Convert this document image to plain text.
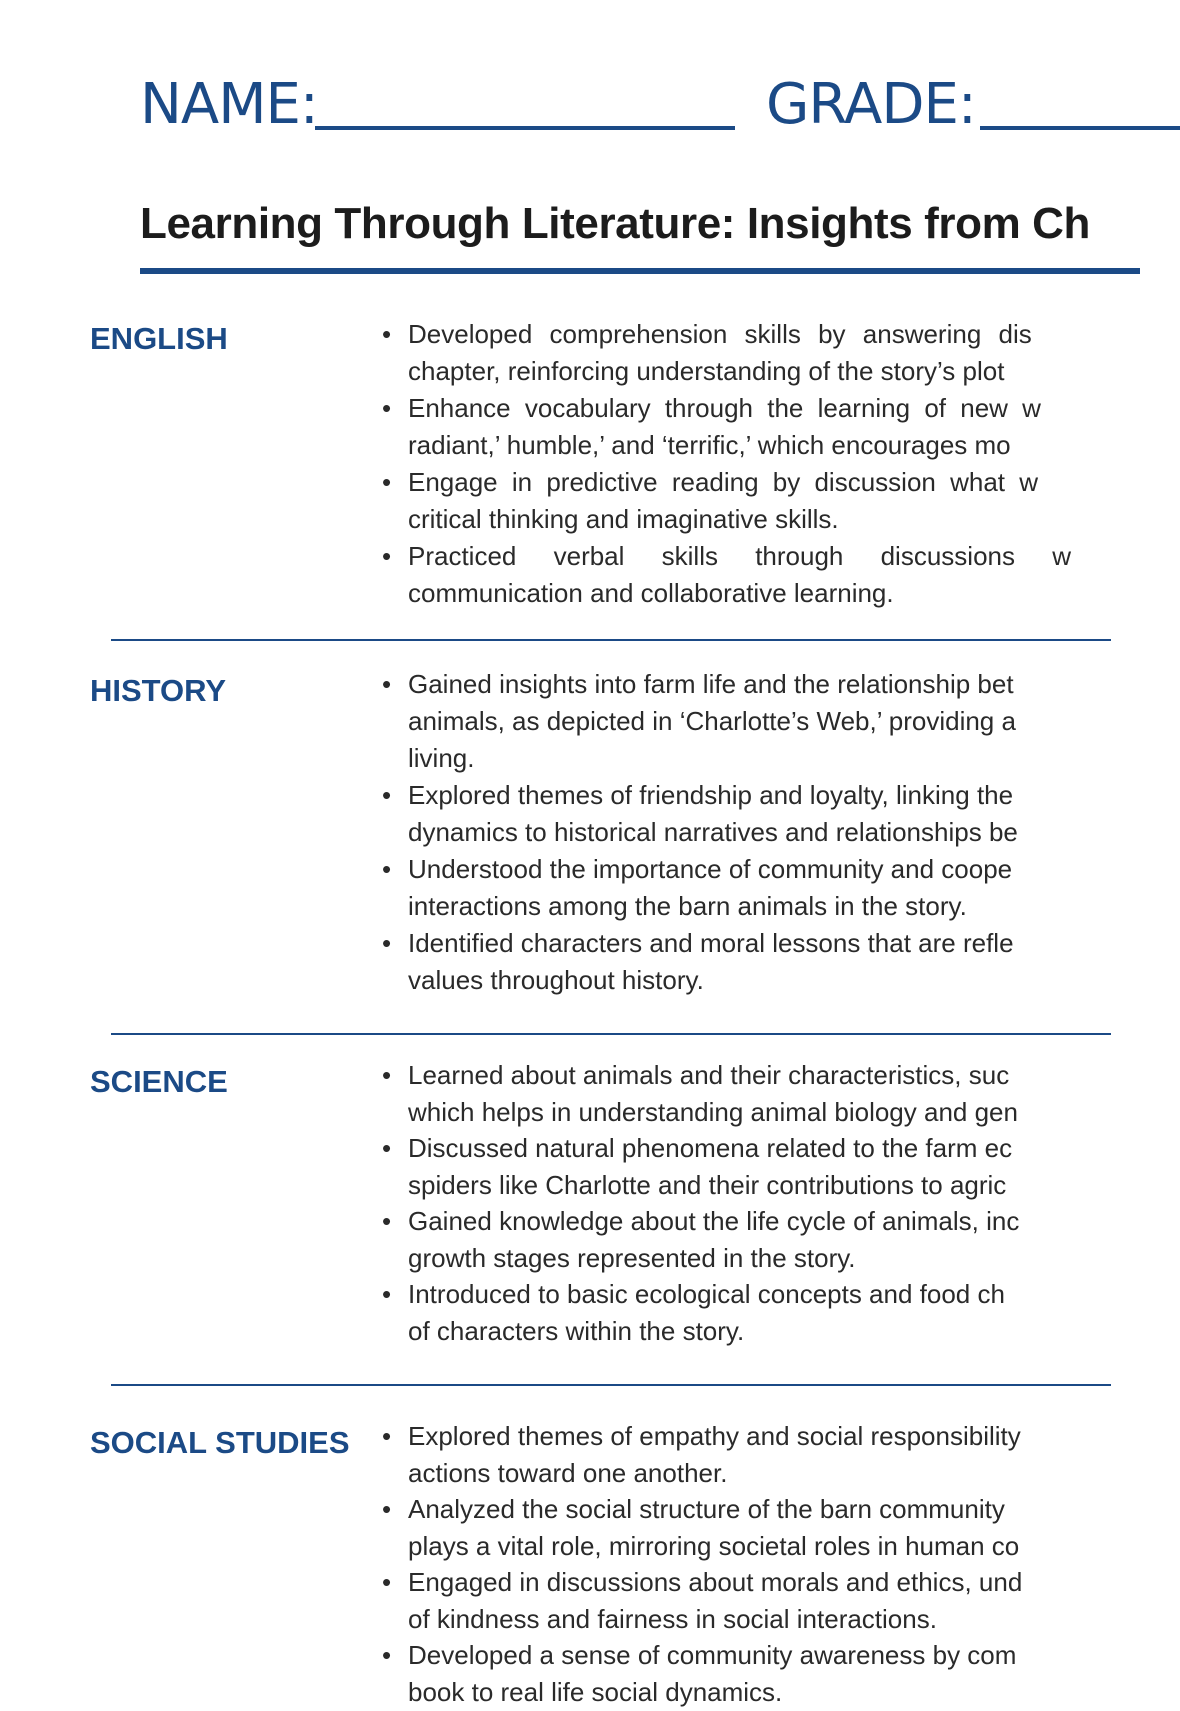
NAME:	GRADE:
Learning Through Literature: Insights from Ch
ENGLISH	• Developed comprehension skills by answering dis
chapter, reinforcing understanding of the story’s plot
• Enhance vocabulary through the learning of new w
radiant,’ humble,’ and ‘terrific,’ which encourages mo
• Engage in predictive reading by discussion what w
critical thinking and imaginative skills.
• Practiced verbal skills through discussions w
communication and collaborative learning.
HISTORY	• Gained insights into farm life and the relationship bet
animals, as depicted in ‘Charlotte’s Web,’ providing a
living.
• Explored themes of friendship and loyalty, linking the
dynamics to historical narratives and relationships be
• Understood the importance of community and coope
interactions among the barn animals in the story.
• Identified characters and moral lessons that are refle
values throughout history.
SCIENCE	• Learned about animals and their characteristics, suc
which helps in understanding animal biology and gen
• Discussed natural phenomena related to the farm ec
spiders like Charlotte and their contributions to agric
• Gained knowledge about the life cycle of animals, inc
growth stages represented in the story.
• Introduced to basic ecological concepts and food ch
of characters within the story.
SOCIAL STUDIES • Explored themes of empathy and social responsibility
actions toward one another.
• Analyzed the social structure of the barn community
plays a vital role, mirroring societal roles in human co
• Engaged in discussions about morals and ethics, und
of kindness and fairness in social interactions.
• Developed a sense of community awareness by com
book to real life social dynamics.
